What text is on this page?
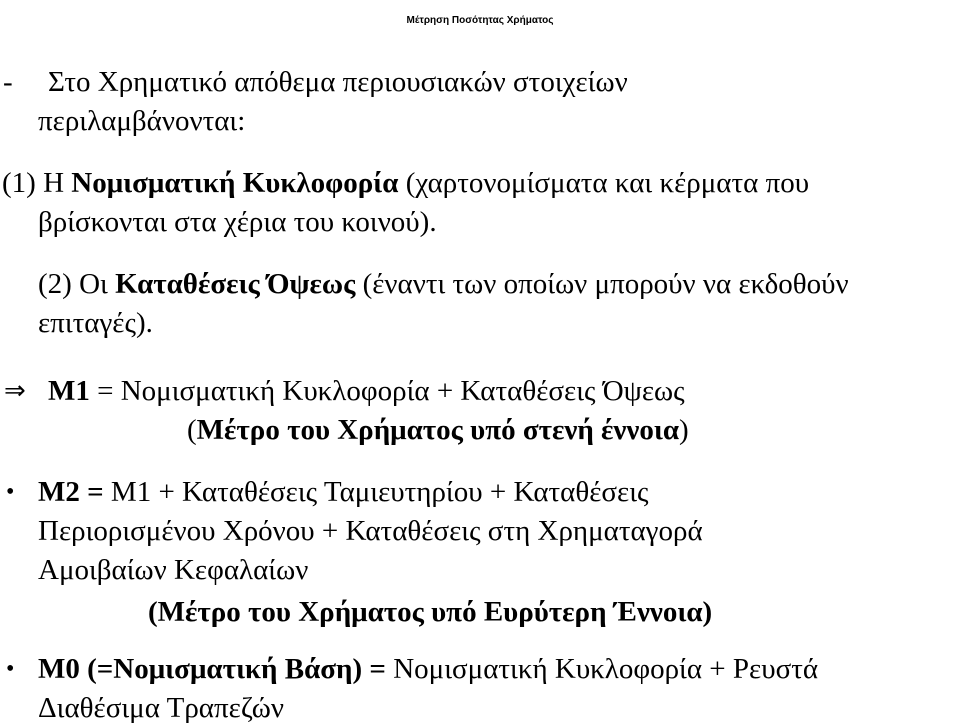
Μέτρηση Ποσότητας Χρήματος
- Στο Χρηματικό απόθεμα περιουσιακών στοιχείων
περιλαμβάνονται:
(1) Η Νομισματική Κυκλοφορία (χαρτονομίσματα και κέρματα που
βρίσκονται στα χέρια του κοινού).
(2) Οι Καταθέσεις Όψεως (έναντι των οποίων μπορούν να εκδοθούν
επιταγές).
⇒ Μ1 = Νομισματική Κυκλοφορία + Καταθέσεις Όψεως
(Μέτρο του Χρήματος υπό στενή έννοια)
• Μ2 = Μ1 + Καταθέσεις Ταμιευτηρίου + Καταθέσεις
Περιορισμένου Χρόνου + Καταθέσεις στη Χρηματαγορά
Αμοιβαίων Κεφαλαίων
(Μέτρο του Χρήματος υπό Ευρύτερη Έννοια)
• Μ0 (=Νομισματική Βάση) = Νομισματική Κυκλοφορία + Ρευστά
Διαθέσιμα Τραπεζών
